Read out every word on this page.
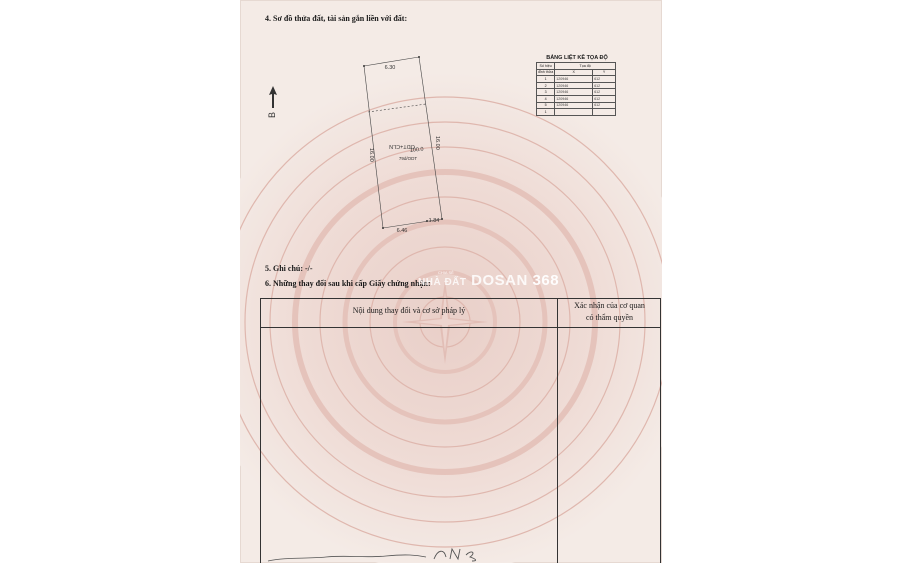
4. Sơ đồ thửa đất, tài sản gắn liền với đất:
B
6.30
16.00
16.00
6.46
1.84
ODT+CLN
100.0
79d/ODT
BẢNG LIỆT KÊ TỌA ĐỘ
Số hiệu	Tọa độ	
đỉnh thửa	X	Y
1	120946	612
2	120946	612
3	120946	612
4	120946	612
5	120946	612
1		
5. Ghi chú: -/-
6. Những thay đổi sau khi cấp Giấy chứng nhận:
CHIA SẺ
NHÀ ĐẤT DOSAN 368
Nội dung thay đổi và cơ sở pháp lý
Xác nhận của cơ quan
có thẩm quyền
